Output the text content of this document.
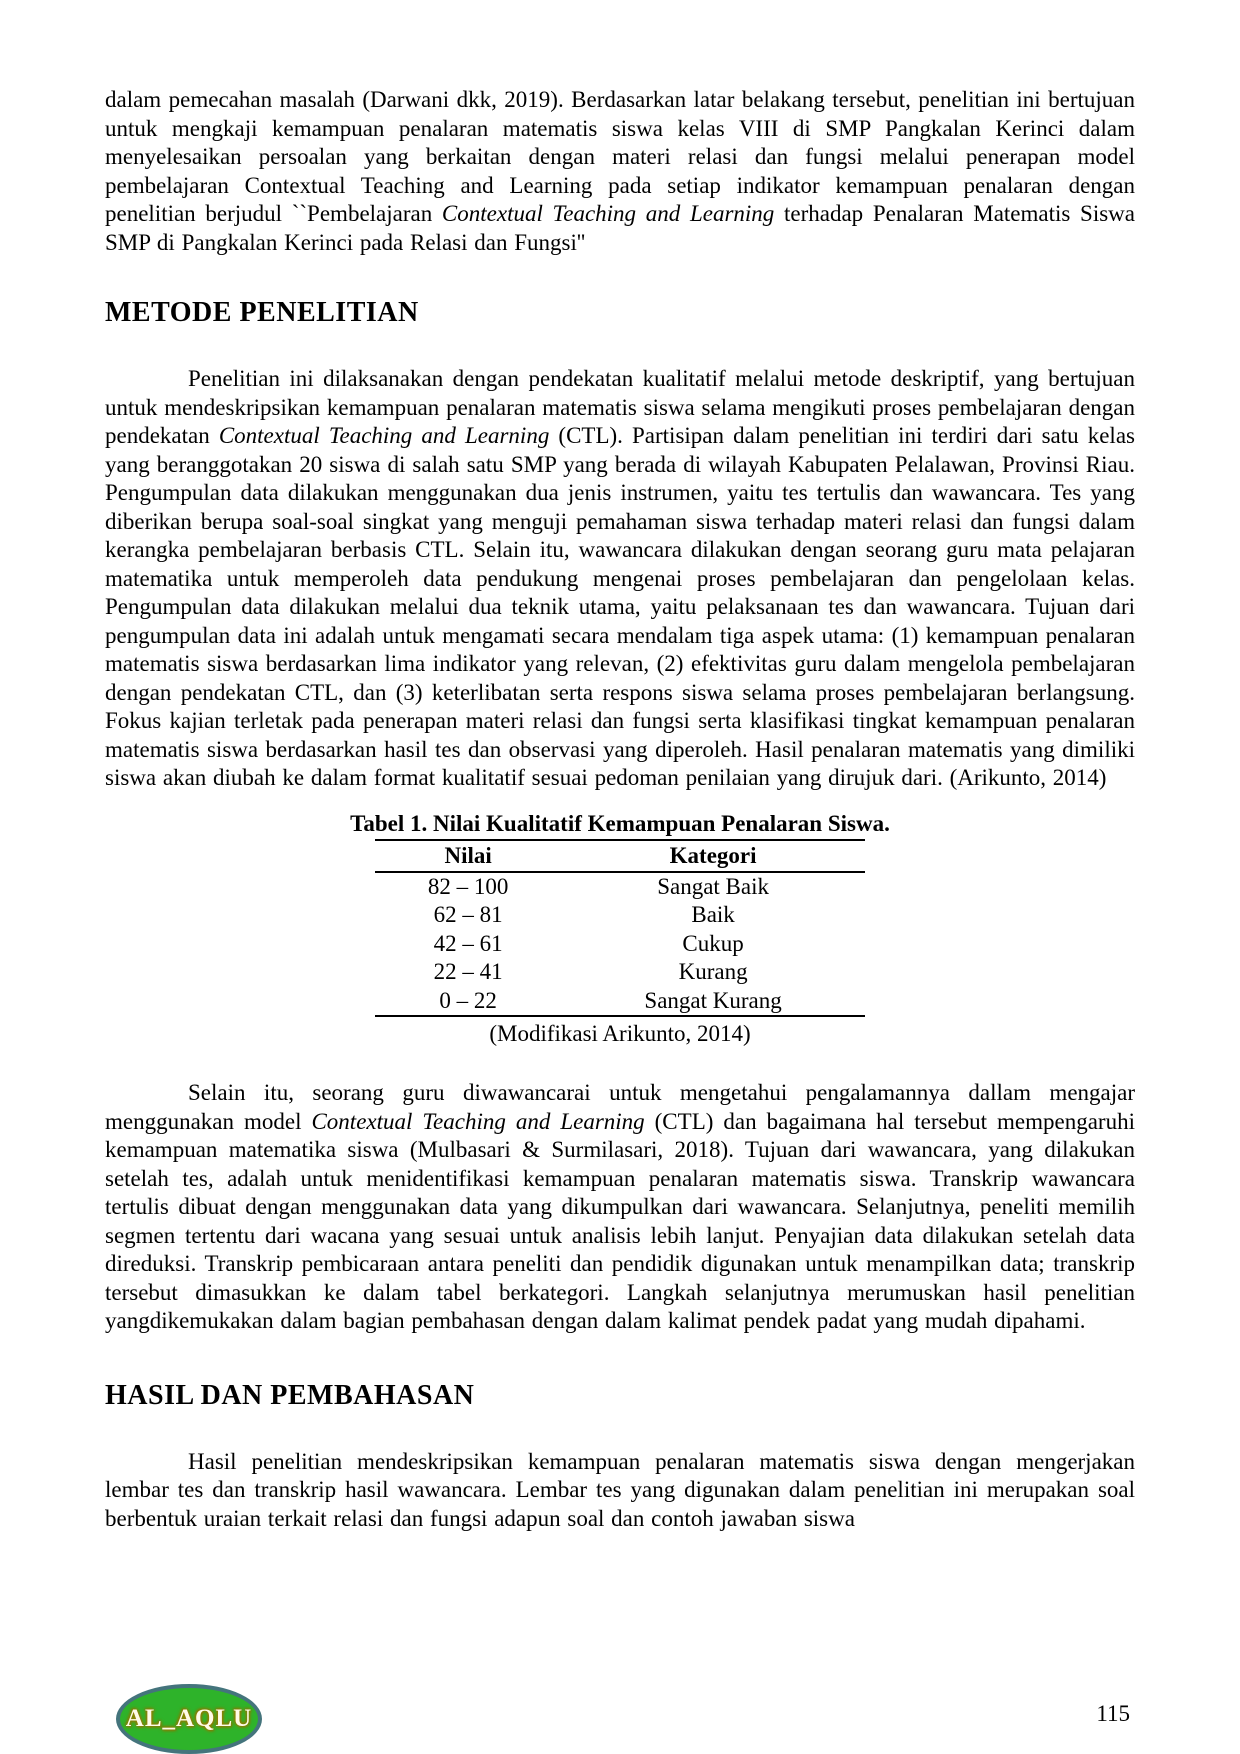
dalam pemecahan masalah (Darwani dkk, 2019). Berdasarkan latar belakang tersebut, penelitian ini bertujuan untuk mengkaji kemampuan penalaran matematis siswa kelas VIII di SMP Pangkalan Kerinci dalam menyelesaikan persoalan yang berkaitan dengan materi relasi dan fungsi melalui penerapan model pembelajaran Contextual Teaching and Learning pada setiap indikator kemampuan penalaran dengan penelitian berjudul ``Pembelajaran Contextual Teaching and Learning terhadap Penalaran Matematis Siswa SMP di Pangkalan Kerinci pada Relasi dan Fungsi''

METODE PENELITIAN

Penelitian ini dilaksanakan dengan pendekatan kualitatif melalui metode deskriptif, yang bertujuan untuk mendeskripsikan kemampuan penalaran matematis siswa selama mengikuti proses pembelajaran dengan pendekatan Contextual Teaching and Learning (CTL). Partisipan dalam penelitian ini terdiri dari satu kelas yang beranggotakan 20 siswa di salah satu SMP yang berada di wilayah Kabupaten Pelalawan, Provinsi Riau. Pengumpulan data dilakukan menggunakan dua jenis instrumen, yaitu tes tertulis dan wawancara. Tes yang diberikan berupa soal-soal singkat yang menguji pemahaman siswa terhadap materi relasi dan fungsi dalam kerangka pembelajaran berbasis CTL. Selain itu, wawancara dilakukan dengan seorang guru mata pelajaran matematika untuk memperoleh data pendukung mengenai proses pembelajaran dan pengelolaan kelas. Pengumpulan data dilakukan melalui dua teknik utama, yaitu pelaksanaan tes dan wawancara. Tujuan dari pengumpulan data ini adalah untuk mengamati secara mendalam tiga aspek utama: (1) kemampuan penalaran matematis siswa berdasarkan lima indikator yang relevan, (2) efektivitas guru dalam mengelola pembelajaran dengan pendekatan CTL, dan (3) keterlibatan serta respons siswa selama proses pembelajaran berlangsung. Fokus kajian terletak pada penerapan materi relasi dan fungsi serta klasifikasi tingkat kemampuan penalaran matematis siswa berdasarkan hasil tes dan observasi yang diperoleh. Hasil penalaran matematis yang dimiliki siswa akan diubah ke dalam format kualitatif sesuai pedoman penilaian yang dirujuk dari. (Arikunto, 2014)

Tabel 1. Nilai Kualitatif Kemampuan Penalaran Siswa.
Nilai	Kategori
82 – 100	Sangat Baik
62 – 81	Baik
42 – 61	Cukup
22 – 41	Kurang
0 – 22	Sangat Kurang
(Modifikasi Arikunto, 2014)

Selain itu, seorang guru diwawancarai untuk mengetahui pengalamannya dallam mengajar menggunakan model Contextual Teaching and Learning (CTL) dan bagaimana hal tersebut mempengaruhi kemampuan matematika siswa (Mulbasari & Surmilasari, 2018). Tujuan dari wawancara, yang dilakukan setelah tes, adalah untuk menidentifikasi kemampuan penalaran matematis siswa. Transkrip wawancara tertulis dibuat dengan menggunakan data yang dikumpulkan dari wawancara. Selanjutnya, peneliti memilih segmen tertentu dari wacana yang sesuai untuk analisis lebih lanjut. Penyajian data dilakukan setelah data direduksi. Transkrip pembicaraan antara peneliti dan pendidik digunakan untuk menampilkan data; transkrip tersebut dimasukkan ke dalam tabel berkategori. Langkah selanjutnya merumuskan hasil penelitian yangdikemukakan dalam bagian pembahasan dengan dalam kalimat pendek padat yang mudah dipahami.

HASIL DAN PEMBAHASAN

Hasil penelitian mendeskripsikan kemampuan penalaran matematis siswa dengan mengerjakan lembar tes dan transkrip hasil wawancara. Lembar tes yang digunakan dalam penelitian ini merupakan soal berbentuk uraian terkait relasi dan fungsi adapun soal dan contoh jawaban siswa

AL_AQLU	115
